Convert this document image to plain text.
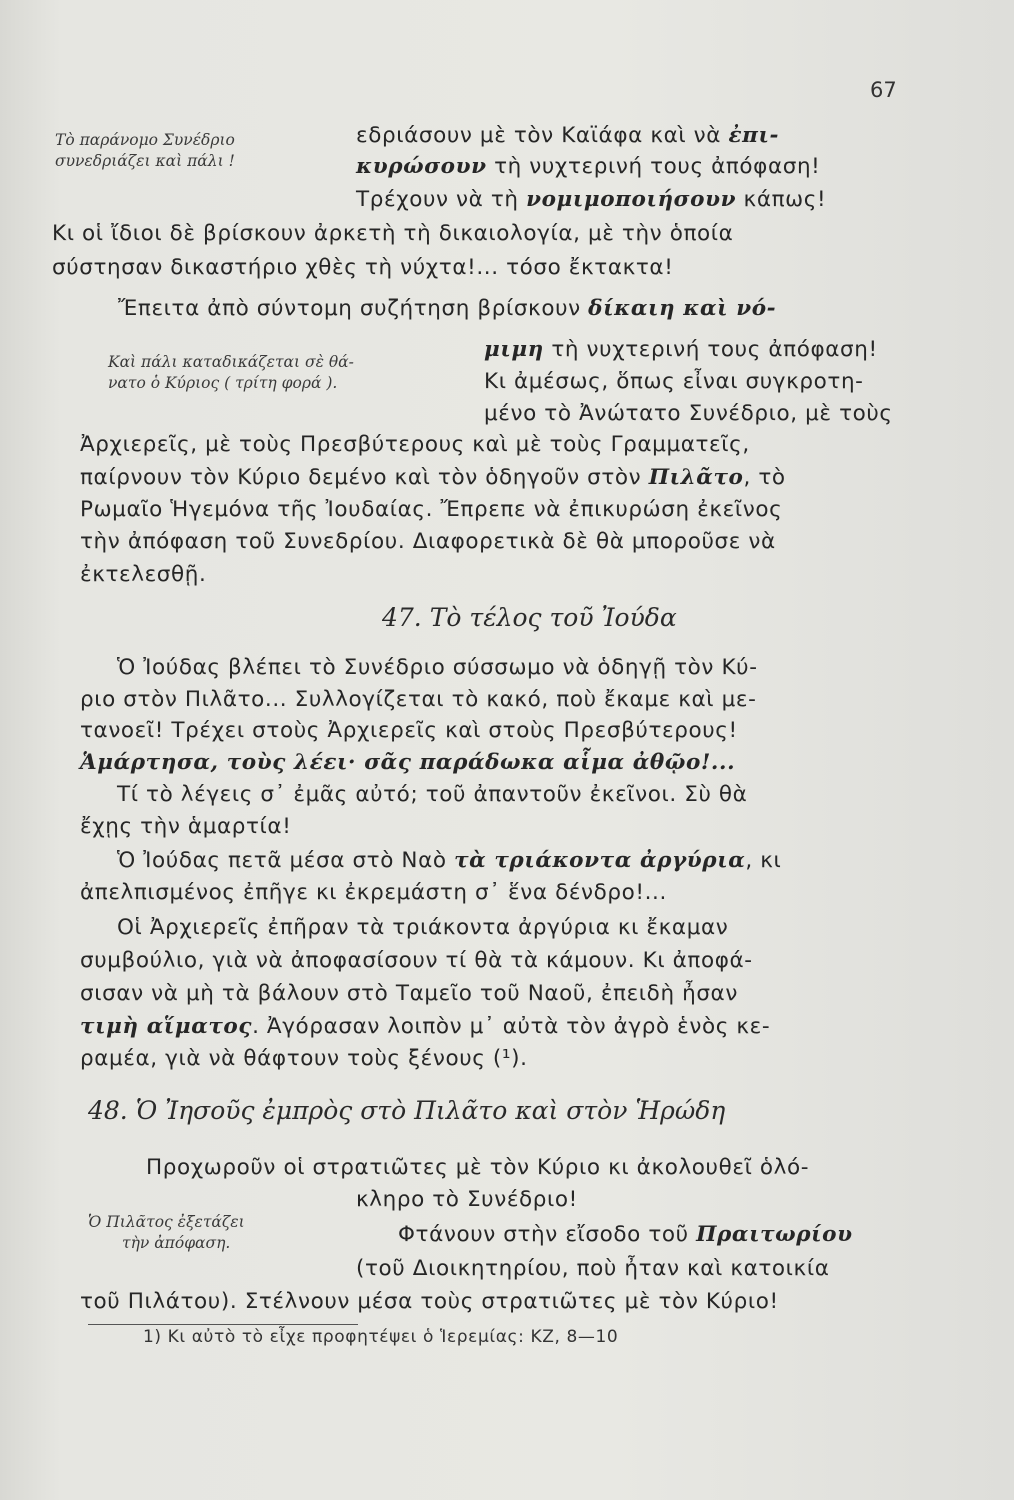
67
Τὸ παράνομο Συνέδριο
συνεδριάζει καὶ πάλι !
Καὶ πάλι καταδικάζεται σὲ θά-
νατο ὁ Κύριος ( τρίτη φορά ).
Ὁ Πιλᾶτος ἐξετάζει
τὴν ἀπόφαση.
εδριάσουν μὲ τὸν Καϊάφα καὶ νὰ ἐπι-
κυρώσουν τὴ νυχτερινή τους ἀπόφαση!
Τρέχουν νὰ τὴ νομιμοποιήσουν κάπως!
Κι οἱ ἴδιοι δὲ βρίσκουν ἀρκετὴ τὴ δικαιολογία, μὲ τὴν ὁποία
σύστησαν δικαστήριο χθὲς τὴ νύχτα!... τόσο ἔκτακτα!
Ἔπειτα ἀπὸ σύντομη συζήτηση βρίσκουν δίκαιη καὶ νό-
μιμη τὴ νυχτερινή τους ἀπόφαση!
Κι ἀμέσως, ὅπως εἶναι συγκροτη-
μένο τὸ Ἀνώτατο Συνέδριο, μὲ τοὺς
Ἀρχιερεῖς, μὲ τοὺς Πρεσβύτερους καὶ μὲ τοὺς Γραμματεῖς,
παίρνουν τὸν Κύριο δεμένο καὶ τὸν ὁδηγοῦν στὸν Πιλᾶτο, τὸ
Ρωμαῖο Ἡγεμόνα τῆς Ἰουδαίας. Ἔπρεπε νὰ ἐπικυρώση ἐκεῖνος
τὴν ἀπόφαση τοῦ Συνεδρίου. Διαφορετικὰ δὲ θὰ μποροῦσε νὰ
ἐκτελεσθῇ.
47. Τὸ τέλος τοῦ Ἰούδα
Ὁ Ἰούδας βλέπει τὸ Συνέδριο σύσσωμο νὰ ὁδηγῇ τὸν Κύ-
ριο στὸν Πιλᾶτο... Συλλογίζεται τὸ κακό, ποὺ ἔκαμε καὶ με-
τανοεῖ! Τρέχει στοὺς Ἀρχιερεῖς καὶ στοὺς Πρεσβύτερους!
Ἁμάρτησα, τοὺς λέει· σᾶς παράδωκα αἷμα ἀθῷο!...
Τί τὸ λέγεις σ᾽ ἐμᾶς αὐτό; τοῦ ἀπαντοῦν ἐκεῖνοι. Σὺ θὰ
ἔχῃς τὴν ἁμαρτία!
Ὁ Ἰούδας πετᾶ μέσα στὸ Ναὸ τὰ τριάκοντα ἀργύρια, κι
ἀπελπισμένος ἐπῆγε κι ἐκρεμάστη σ᾽ ἕνα δένδρο!...
Οἱ Ἀρχιερεῖς ἐπῆραν τὰ τριάκοντα ἀργύρια κι ἔκαμαν
συμβούλιο, γιὰ νὰ ἀποφασίσουν τί θὰ τὰ κάμουν. Κι ἀποφά-
σισαν νὰ μὴ τὰ βάλουν στὸ Ταμεῖο τοῦ Ναοῦ, ἐπειδὴ ἦσαν
τιμὴ αἵματος. Ἀγόρασαν λοιπὸν μ᾽ αὐτὰ τὸν ἀγρὸ ἑνὸς κε-
ραμέα, γιὰ νὰ θάφτουν τοὺς ξένους (¹).
48. Ὁ Ἰησοῦς ἐμπρὸς στὸ Πιλᾶτο καὶ στὸν Ἡρώδη
Προχωροῦν οἱ στρατιῶτες μὲ τὸν Κύριο κι ἀκολουθεῖ ὁλό-
κληρο τὸ Συνέδριο!
Φτάνουν στὴν εἴσοδο τοῦ Πραιτωρίου
(τοῦ Διοικητηρίου, ποὺ ἦταν καὶ κατοικία
τοῦ Πιλάτου). Στέλνουν μέσα τοὺς στρατιῶτες μὲ τὸν Κύριο!
1) Κι αὐτὸ τὸ εἶχε προφητέψει ὁ Ἱερεμίας: ΚΖ, 8—10
